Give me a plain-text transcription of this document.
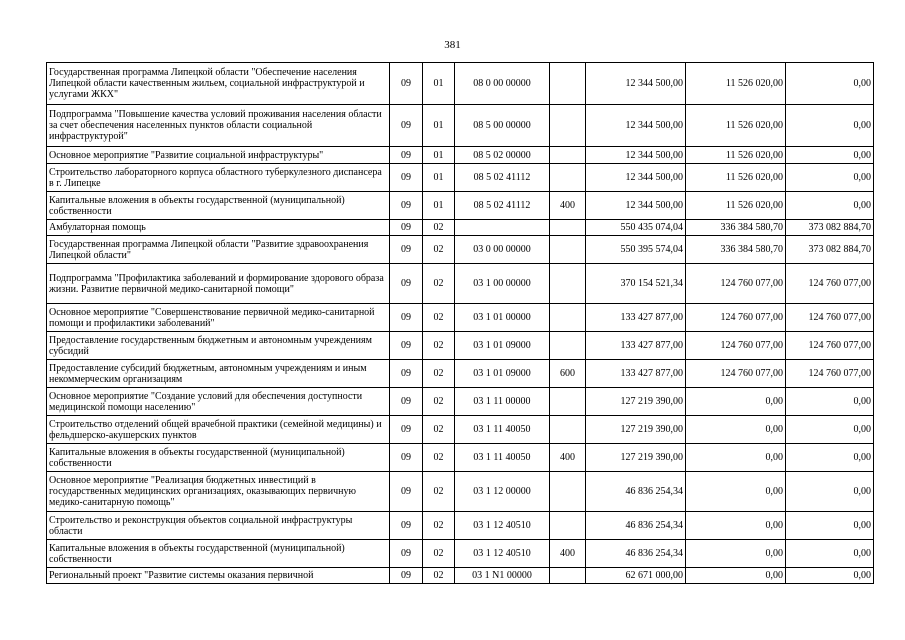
381
Государственная программа Липецкой области "Обеспечение населения Липецкой области качественным жильем, социальной инфраструктурой и услугами ЖКХ"	09	01	08 0 00 00000		12 344 500,00	11 526 020,00	0,00
Подпрограмма "Повышение качества условий проживания населения области за счет обеспечения населенных пунктов области социальной инфраструктурой"	09	01	08 5 00 00000		12 344 500,00	11 526 020,00	0,00
Основное мероприятие "Развитие социальной инфраструктуры"	09	01	08 5 02 00000		12 344 500,00	11 526 020,00	0,00
Строительство лабораторного корпуса областного туберкулезного диспансера в г. Липецке	09	01	08 5 02 41112		12 344 500,00	11 526 020,00	0,00
Капитальные вложения в объекты государственной (муниципальной) собственности	09	01	08 5 02 41112	400	12 344 500,00	11 526 020,00	0,00
Амбулаторная помощь	09	02			550 435 074,04	336 384 580,70	373 082 884,70
Государственная программа Липецкой области "Развитие здравоохранения Липецкой области"	09	02	03 0 00 00000		550 395 574,04	336 384 580,70	373 082 884,70
Подпрограмма "Профилактика заболеваний и формирование здорового образа жизни. Развитие первичной медико-санитарной помощи"	09	02	03 1 00 00000		370 154 521,34	124 760 077,00	124 760 077,00
Основное мероприятие "Совершенствование первичной медико-санитарной помощи и профилактики заболеваний"	09	02	03 1 01 00000		133 427 877,00	124 760 077,00	124 760 077,00
Предоставление государственным бюджетным и автономным учреждениям субсидий	09	02	03 1 01 09000		133 427 877,00	124 760 077,00	124 760 077,00
Предоставление субсидий бюджетным, автономным учреждениям и иным некоммерческим организациям	09	02	03 1 01 09000	600	133 427 877,00	124 760 077,00	124 760 077,00
Основное мероприятие "Создание условий для обеспечения доступности медицинской помощи населению"	09	02	03 1 11 00000		127 219 390,00	0,00	0,00
Строительство отделений общей врачебной практики (семейной медицины) и фельдшерско-акушерских пунктов	09	02	03 1 11 40050		127 219 390,00	0,00	0,00
Капитальные вложения в объекты государственной (муниципальной) собственности	09	02	03 1 11 40050	400	127 219 390,00	0,00	0,00
Основное мероприятие "Реализация бюджетных инвестиций в государственных медицинских организациях, оказывающих первичную медико-санитарную помощь"	09	02	03 1 12 00000		46 836 254,34	0,00	0,00
Строительство и реконструкция объектов социальной инфраструктуры области	09	02	03 1 12 40510		46 836 254,34	0,00	0,00
Капитальные вложения в объекты государственной (муниципальной) собственности	09	02	03 1 12 40510	400	46 836 254,34	0,00	0,00
Региональный проект "Развитие системы оказания первичной	09	02	03 1 N1 00000		62 671 000,00	0,00	0,00
